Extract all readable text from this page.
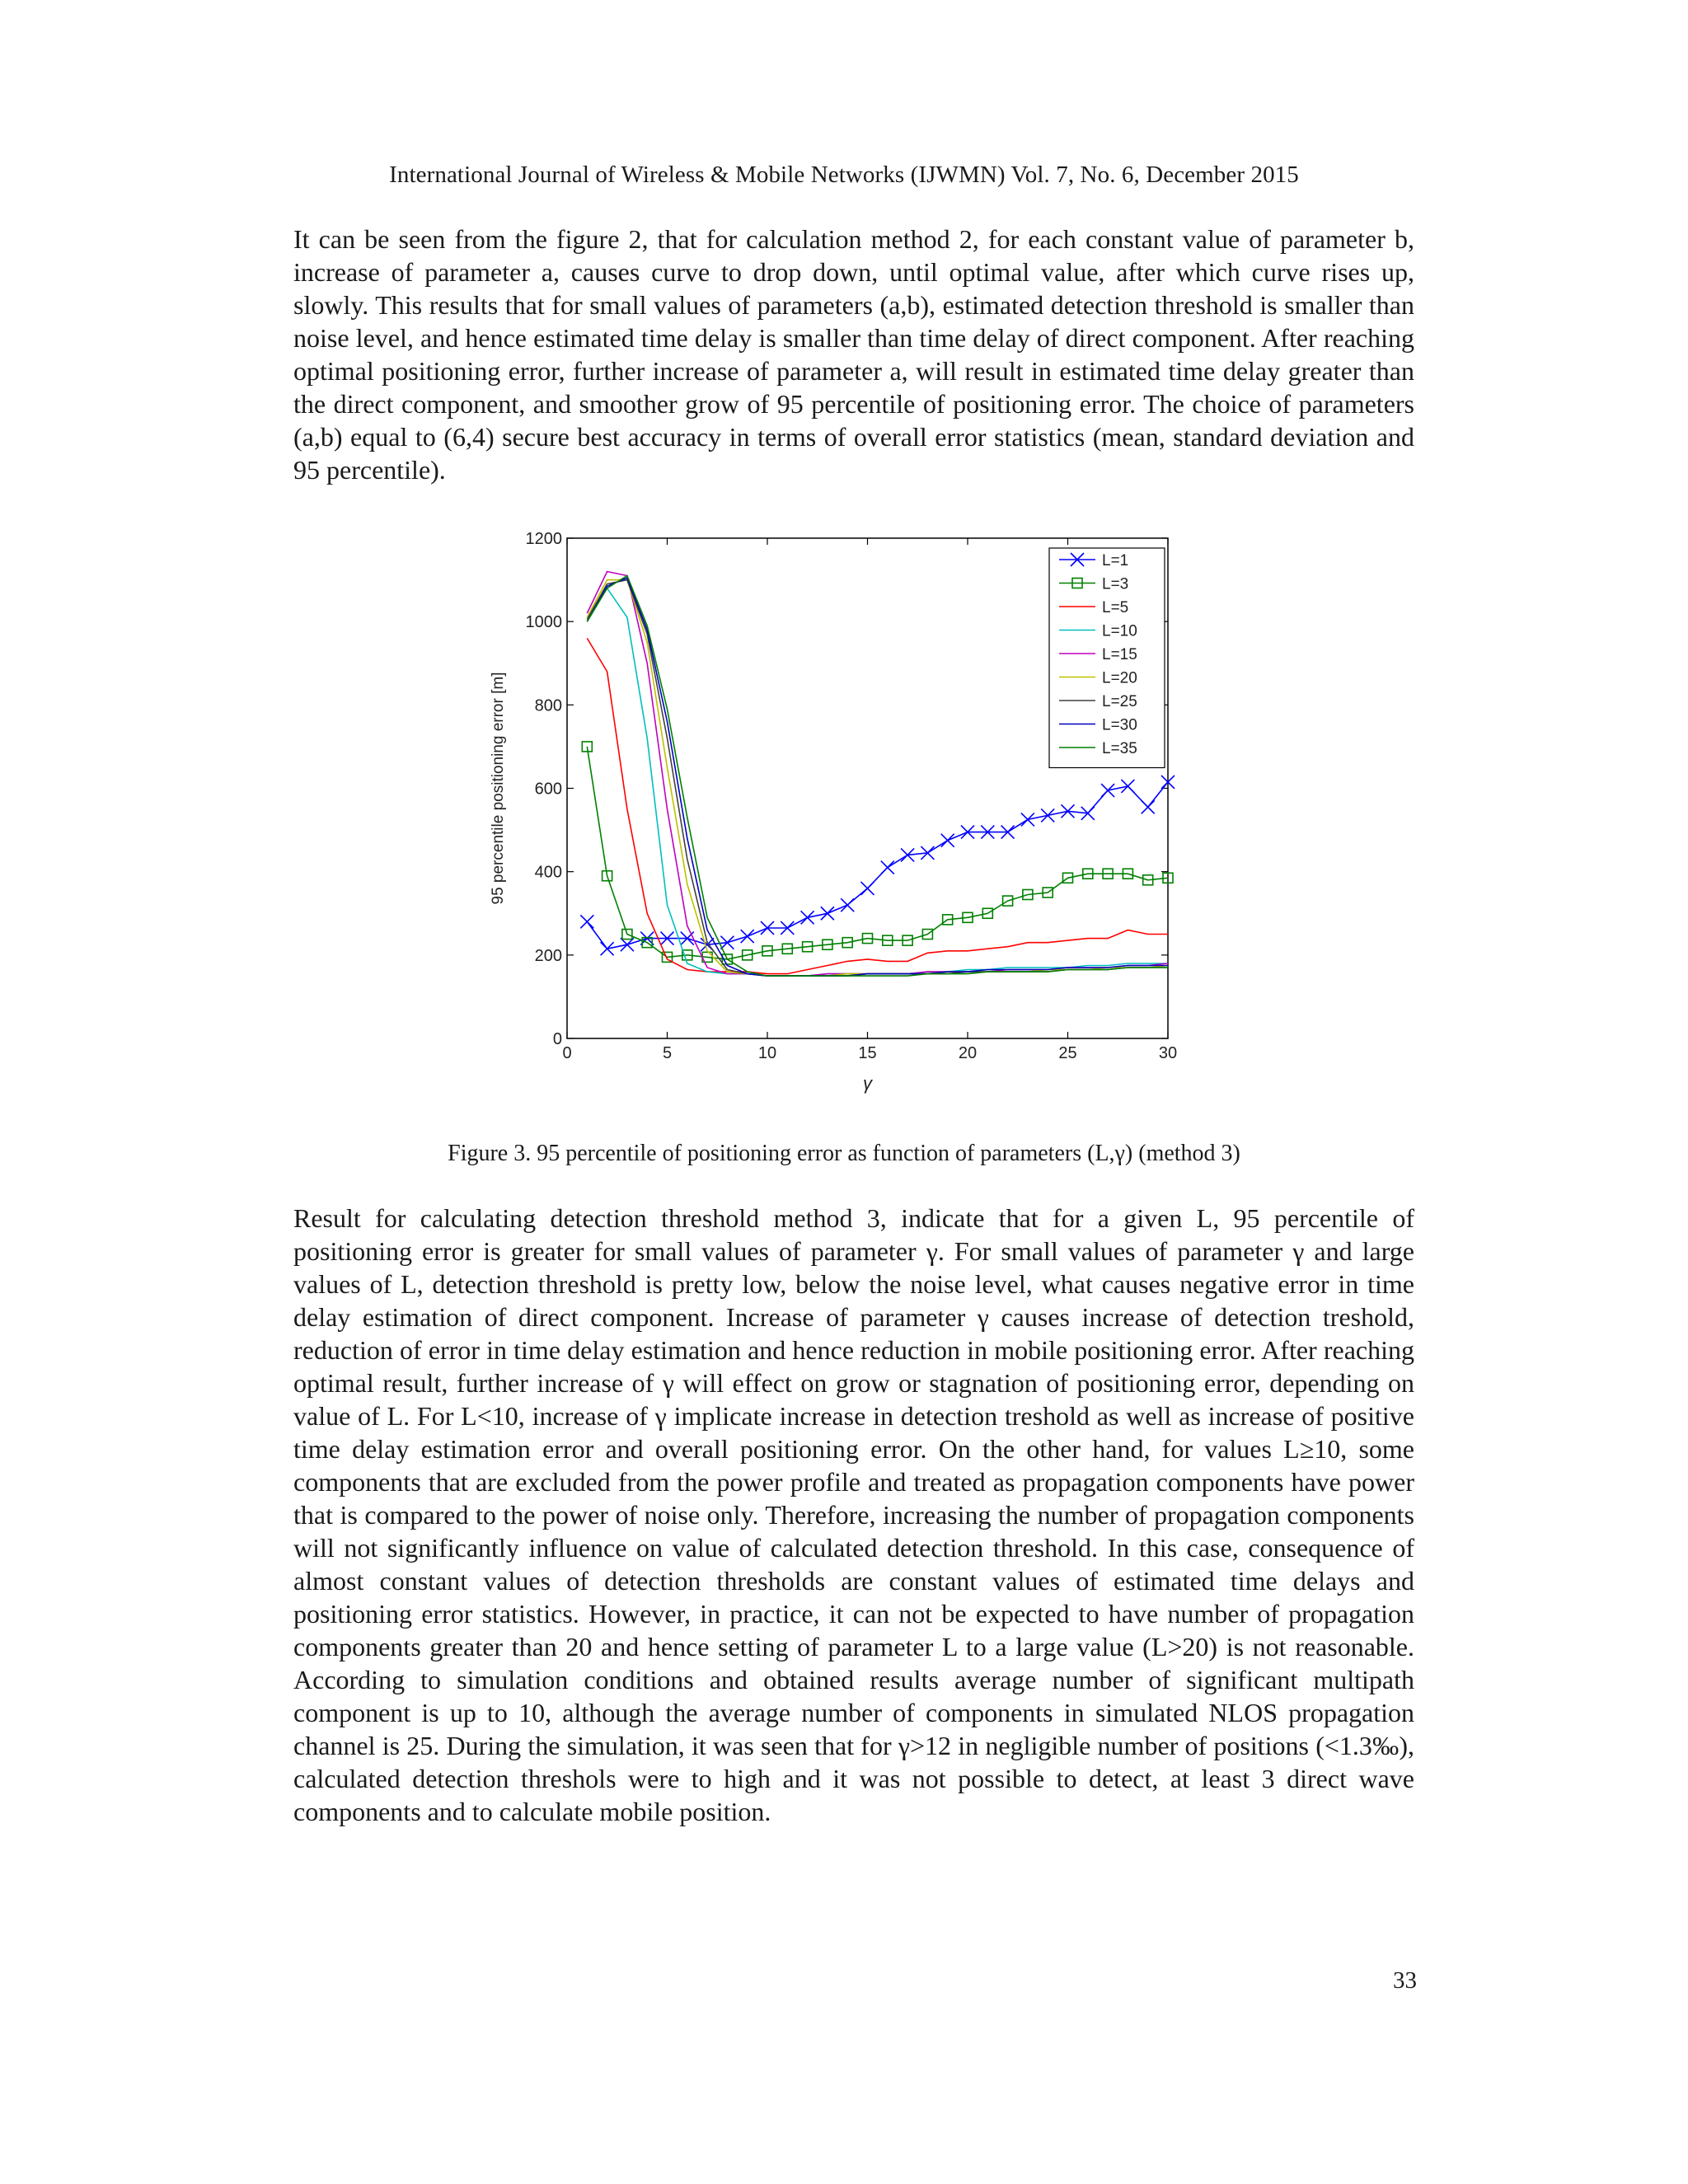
International Journal of Wireless & Mobile Networks (IJWMN) Vol. 7, No. 6, December 2015

It can be seen from the figure 2, that for calculation method 2, for each constant value of parameter b, increase of parameter a, causes curve to drop down, until optimal value, after which curve rises up, slowly. This results that for small values of parameters (a,b), estimated detection threshold is smaller than noise level, and hence estimated time delay is smaller than time delay of direct component. After reaching optimal positioning error, further increase of parameter a, will result in estimated time delay greater than the direct component, and smoother grow of 95 percentile of positioning error. The choice of parameters (a,b) equal to (6,4) secure best accuracy in terms of overall error statistics (mean, standard deviation and 95 percentile).

0	5	10	15	20	25	30
0
200
400
600
800
1000
1200
γ
95 percentile positioning error [m]
L=1
L=3
L=5
L=10
L=15
L=20
L=25
L=30
L=35
Figure 3. 95 percentile of positioning error as function of parameters (L,γ) (method 3)

Result for calculating detection threshold method 3, indicate that for a given L, 95 percentile of positioning error is greater for small values of parameter γ. For small values of parameter γ and large values of L, detection threshold is pretty low, below the noise level, what causes negative error in time delay estimation of direct component. Increase of parameter γ causes increase of detection treshold, reduction of error in time delay estimation and hence reduction in mobile positioning error. After reaching optimal result, further increase of γ will effect on grow or stagnation of positioning error, depending on value of L. For L<10, increase of γ implicate increase in detection treshold as well as increase of positive time delay estimation error and overall positioning error. On the other hand, for values L≥10, some components that are excluded from the power profile and treated as propagation components have power that is compared to the power of noise only. Therefore, increasing the number of propagation components will not significantly influence on value of calculated detection threshold. In this case, consequence of almost constant values of detection thresholds are constant values of estimated time delays and positioning error statistics. However, in practice, it can not be expected to have number of propagation components greater than 20 and hence setting of parameter L to a large value (L>20) is not reasonable. According to simulation conditions and obtained results average number of significant multipath component is up to 10, although the average number of components in simulated NLOS propagation channel is 25. During the simulation, it was seen that for γ>12 in negligible number of positions (<1.3‰), calculated detection threshols were to high and it was not possible to detect, at least 3 direct wave components and to calculate mobile position.

33
